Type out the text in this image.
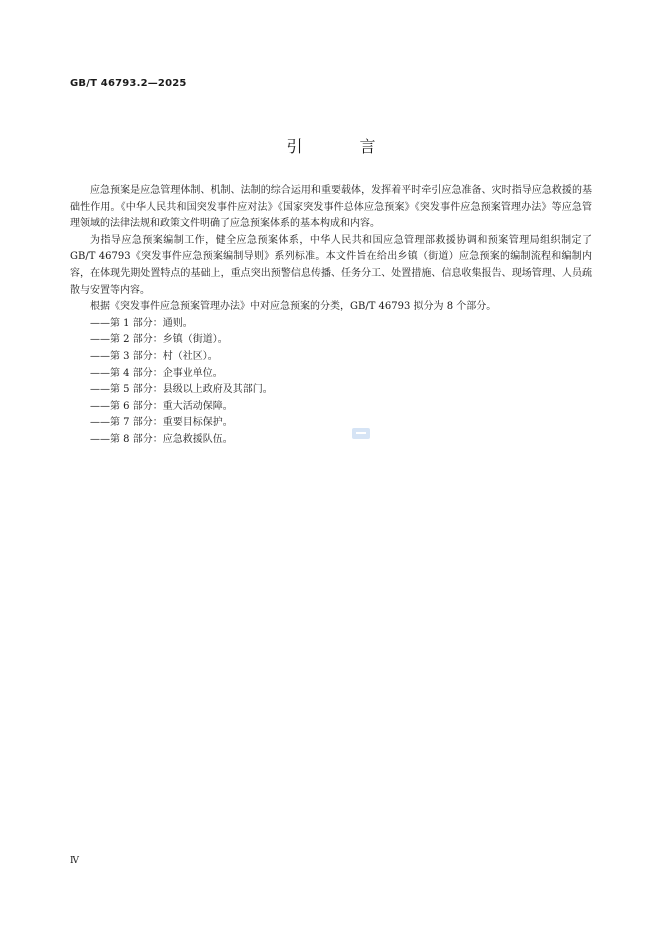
GB/T 46793.2—2025
引 言

应急预案是应急管理体制、机制、法制的综合运用和重要载体，发挥着平时牵引应急准备、灾时指导应急救援的基础性作用。《中华人民共和国突发事件应对法》《国家突发事件总体应急预案》《突发事件应急预案管理办法》等应急管理领域的法律法规和政策文件明确了应急预案体系的基本构成和内容。

为指导应急预案编制工作，健全应急预案体系，中华人民共和国应急管理部救援协调和预案管理局组织制定了 GB/T 46793《突发事件应急预案编制导则》系列标准。本文件旨在给出乡镇（街道）应急预案的编制流程和编制内容，在体现先期处置特点的基础上，重点突出预警信息传播、任务分工、处置措施、信息收集报告、现场管理、人员疏散与安置等内容。

根据《突发事件应急预案管理办法》中对应急预案的分类，GB/T 46793 拟分为 8 个部分。

——第 1 部分：通则。
——第 2 部分：乡镇（街道）。
——第 3 部分：村（社区）。
——第 4 部分：企事业单位。
——第 5 部分：县级以上政府及其部门。
——第 6 部分：重大活动保障。
——第 7 部分：重要目标保护。
——第 8 部分：应急救援队伍。
Ⅳ
